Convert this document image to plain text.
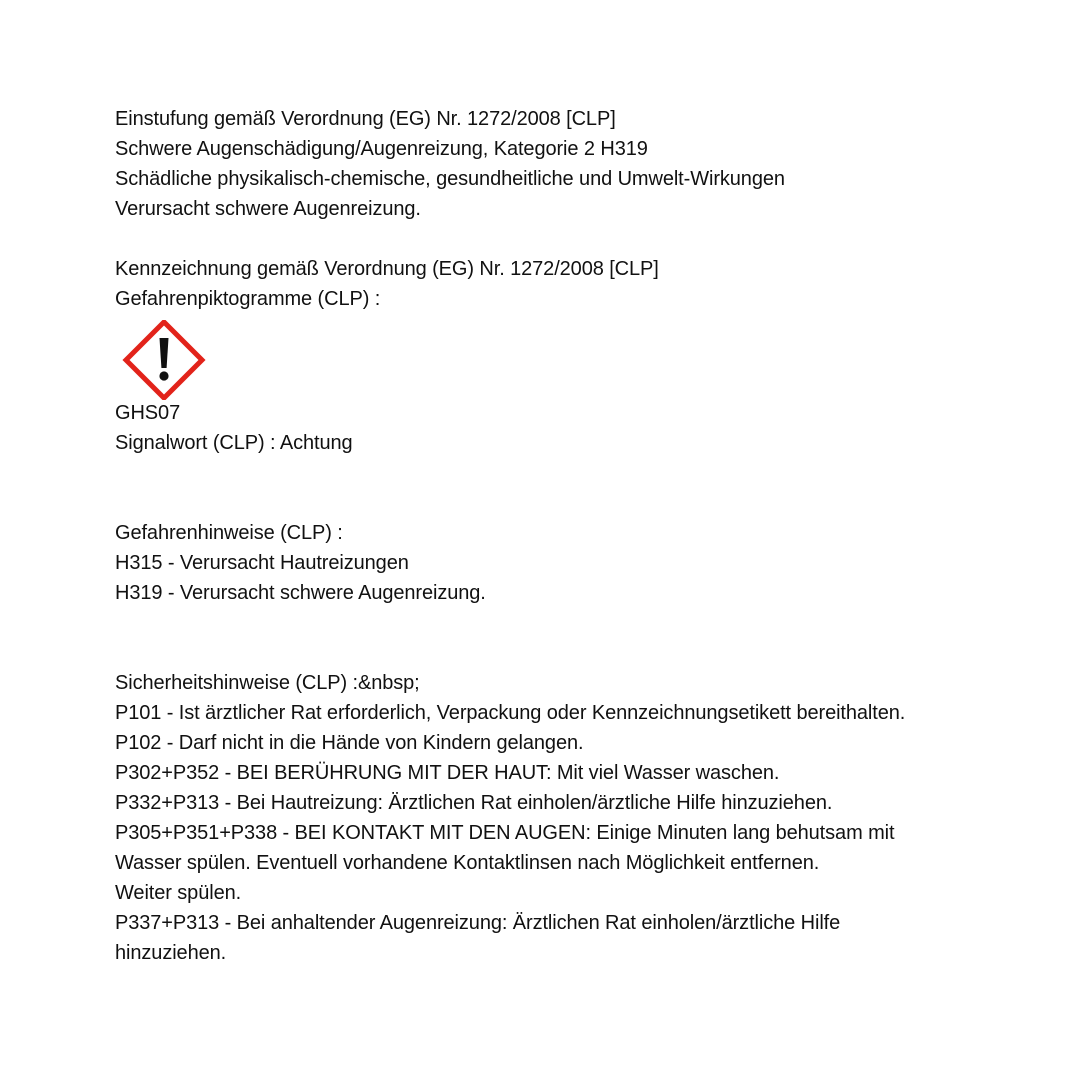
Einstufung gemäß Verordnung (EG) Nr. 1272/2008 [CLP]
Schwere Augenschädigung/Augenreizung, Kategorie 2 H319
Schädliche physikalisch-chemische, gesundheitliche und Umwelt-Wirkungen
Verursacht schwere Augenreizung.
Kennzeichnung gemäß Verordnung (EG) Nr. 1272/2008 [CLP]
Gefahrenpiktogramme (CLP) :
GHS07
Signalwort (CLP) : Achtung
Gefahrenhinweise (CLP) :
H315 - Verursacht Hautreizungen
H319 - Verursacht schwere Augenreizung.
Sicherheitshinweise (CLP) :&nbsp;
P101 - Ist ärztlicher Rat erforderlich, Verpackung oder Kennzeichnungsetikett bereithalten.
P102 - Darf nicht in die Hände von Kindern gelangen.
P302+P352 - BEI BERÜHRUNG MIT DER HAUT: Mit viel Wasser waschen.
P332+P313 - Bei Hautreizung: Ärztlichen Rat einholen/ärztliche Hilfe hinzuziehen.
P305+P351+P338 - BEI KONTAKT MIT DEN AUGEN: Einige Minuten lang behutsam mit
Wasser spülen. Eventuell vorhandene Kontaktlinsen nach Möglichkeit entfernen.
Weiter spülen.
P337+P313 - Bei anhaltender Augenreizung: Ärztlichen Rat einholen/ärztliche Hilfe
hinzuziehen.
